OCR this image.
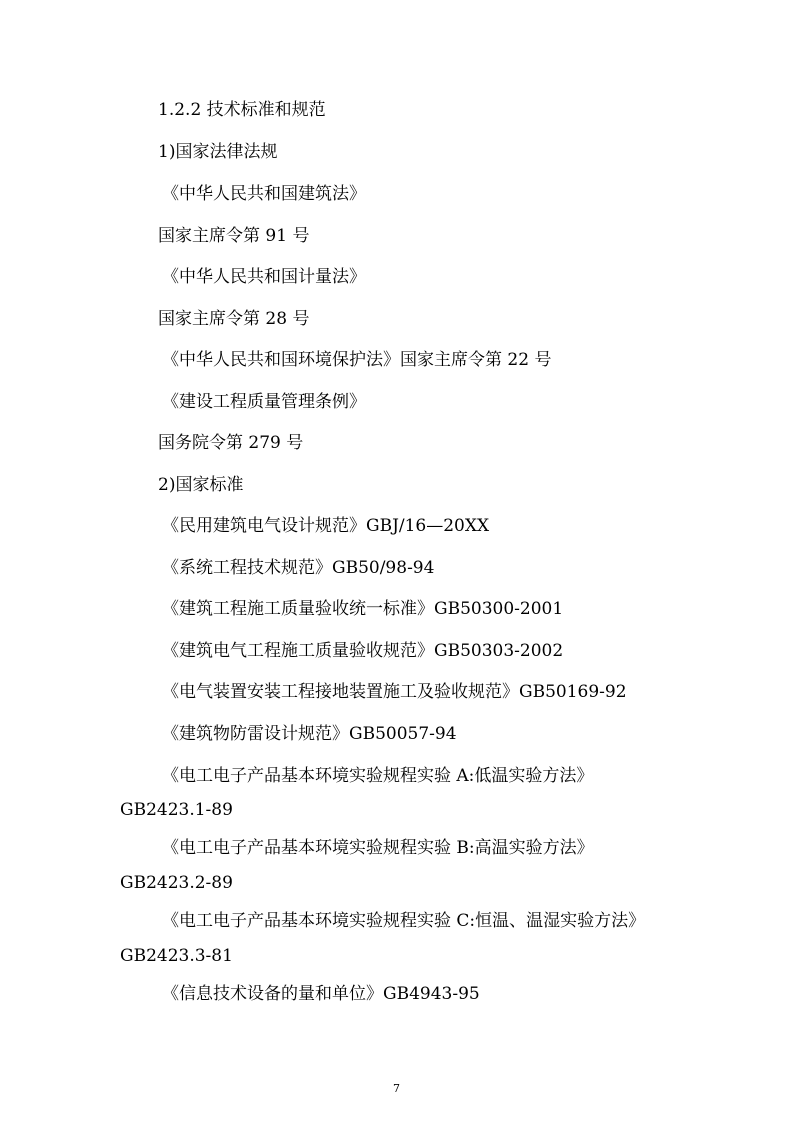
1.2.2 技术标准和规范
1)国家法律法规
《中华人民共和国建筑法》
国家主席令第 91 号
《中华人民共和国计量法》
国家主席令第 28 号
《中华人民共和国环境保护法》国家主席令第 22 号
《建设工程质量管理条例》
国务院令第 279 号
2)国家标准
《民用建筑电气设计规范》GBJ/16—20XX
《系统工程技术规范》GB50/98-94
《建筑工程施工质量验收统一标准》GB50300-2001
《建筑电气工程施工质量验收规范》GB50303-2002
《电气装置安装工程接地装置施工及验收规范》GB50169-92
《建筑物防雷设计规范》GB50057-94
《电工电子产品基本环境实验规程实验 A:低温实验方法》
GB2423.1-89
《电工电子产品基本环境实验规程实验 B:高温实验方法》
GB2423.2-89
《电工电子产品基本环境实验规程实验 C:恒温、温湿实验方法》
GB2423.3-81
《信息技术设备的量和单位》GB4943-95
7
